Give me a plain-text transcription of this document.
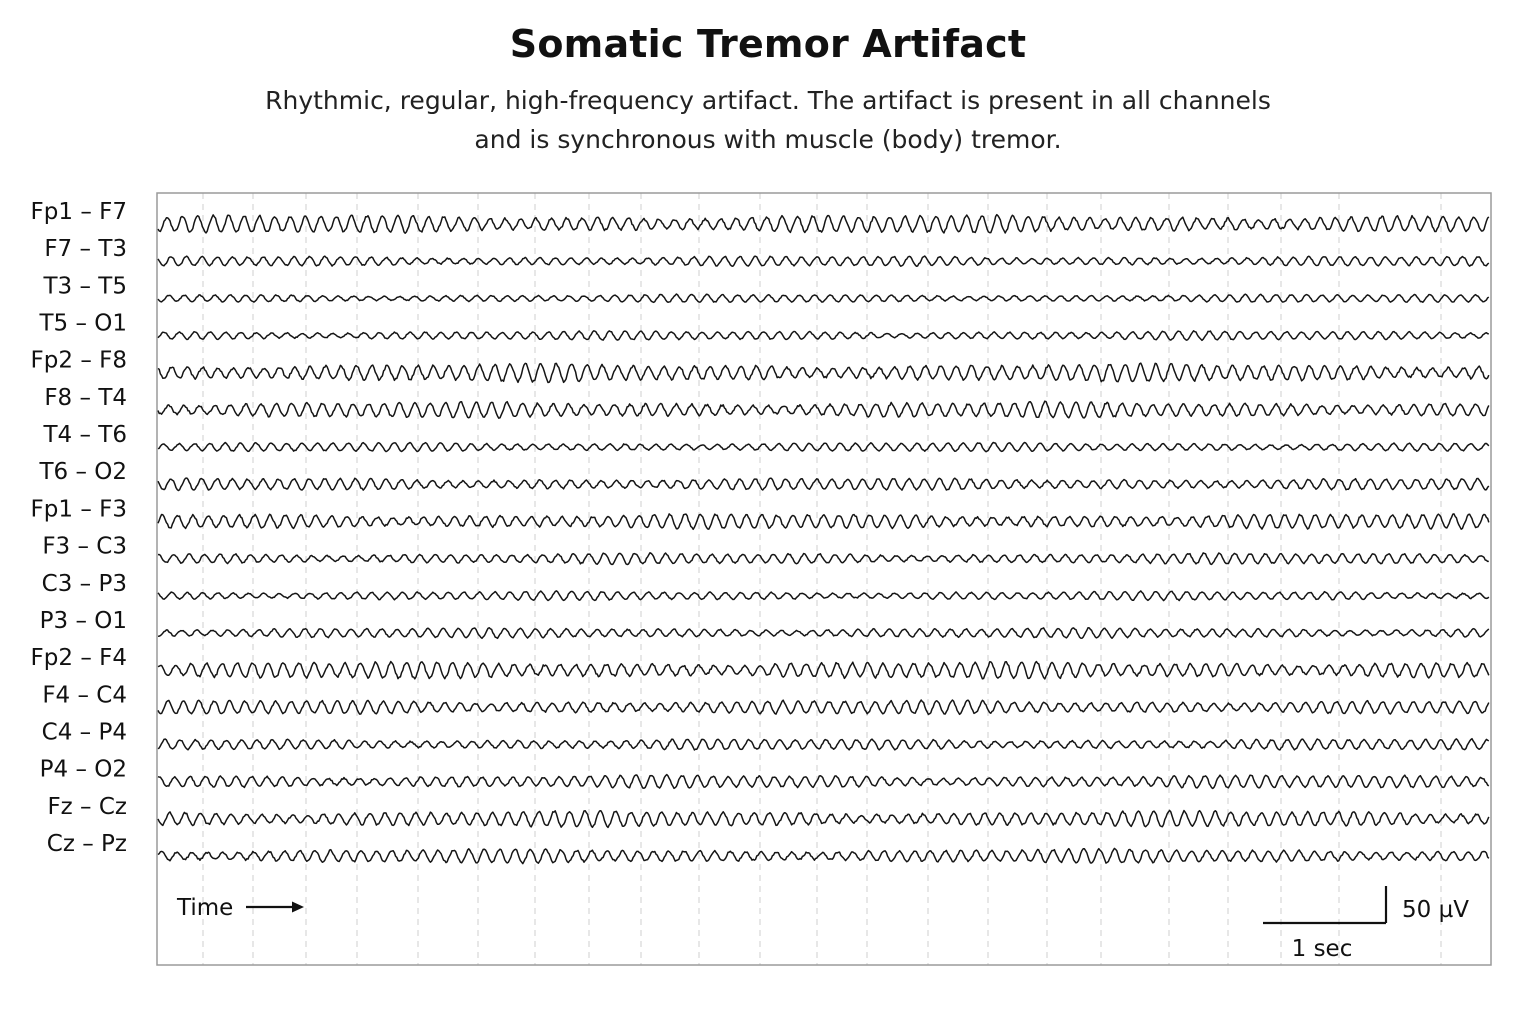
Somatic Tremor Artifact
Rhythmic, regular, high-frequency artifact. The artifact is present in all channels
and is synchronous with muscle (body) tremor.
Fp1 – F7
F7 – T3
T3 – T5
T5 – O1
Fp2 – F8
F8 – T4
T4 – T6
T6 – O2
Fp1 – F3
F3 – C3
C3 – P3
P3 – O1
Fp2 – F4
F4 – C4
C4 – P4
P4 – O2
Fz – Cz
Cz – Pz
Time
1 sec
50 µV
